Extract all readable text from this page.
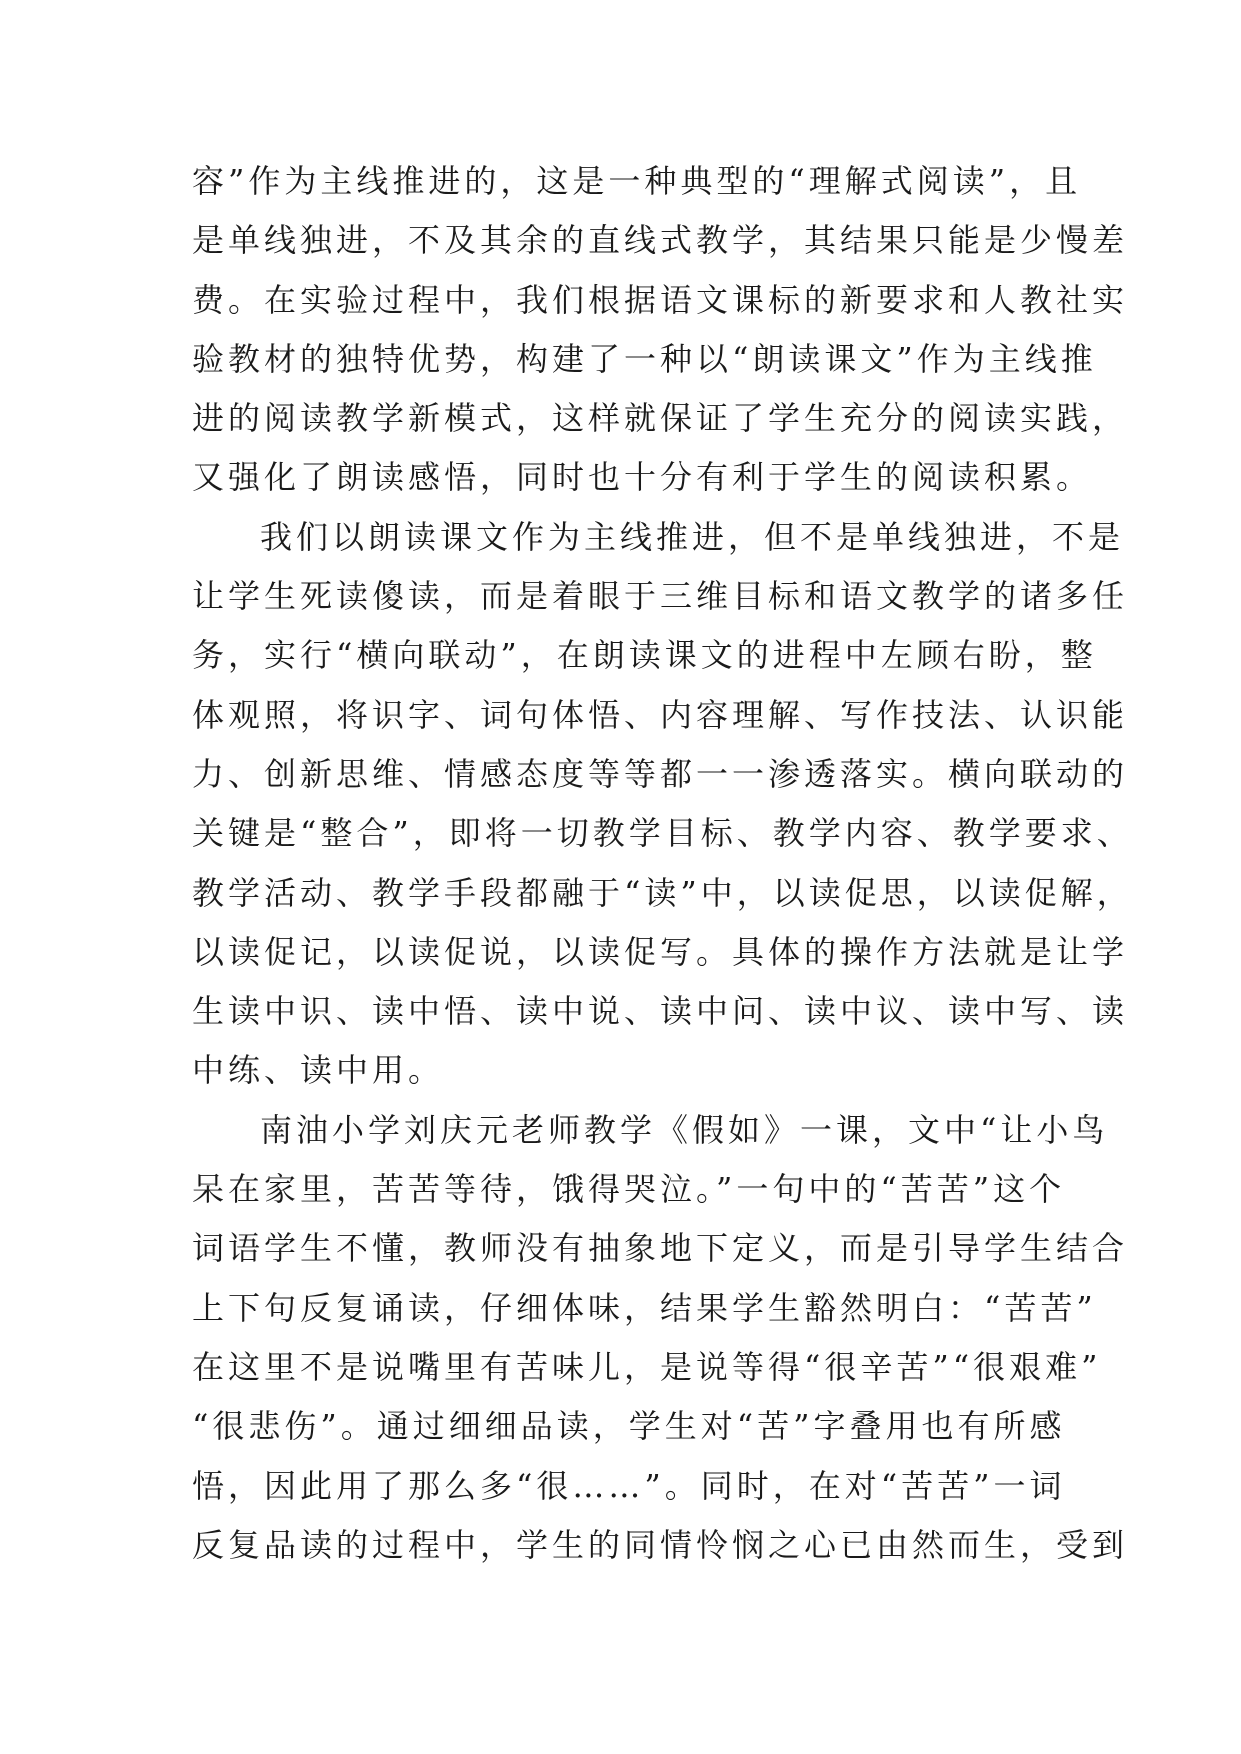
容”作为主线推进的，这是一种典型的“理解式阅读”，且
是单线独进，不及其余的直线式教学，其结果只能是少慢差
费。在实验过程中，我们根据语文课标的新要求和人教社实
验教材的独特优势，构建了一种以“朗读课文”作为主线推
进的阅读教学新模式，这样就保证了学生充分的阅读实践，
又强化了朗读感悟，同时也十分有利于学生的阅读积累。
我们以朗读课文作为主线推进，但不是单线独进，不是
让学生死读傻读，而是着眼于三维目标和语文教学的诸多任
务，实行“横向联动”，在朗读课文的进程中左顾右盼，整
体观照，将识字、词句体悟、内容理解、写作技法、认识能
力、创新思维、情感态度等等都一一渗透落实。横向联动的
关键是“整合”，即将一切教学目标、教学内容、教学要求、
教学活动、教学手段都融于“读”中，以读促思，以读促解，
以读促记，以读促说，以读促写。具体的操作方法就是让学
生读中识、读中悟、读中说、读中问、读中议、读中写、读
中练、读中用。
南油小学刘庆元老师教学《假如》一课，文中“让小鸟
呆在家里，苦苦等待，饿得哭泣。”一句中的“苦苦”这个
词语学生不懂，教师没有抽象地下定义，而是引导学生结合
上下句反复诵读，仔细体味，结果学生豁然明白：“苦苦”
在这里不是说嘴里有苦味儿，是说等得“很辛苦”“很艰难”
“很悲伤”。通过细细品读，学生对“苦”字叠用也有所感
悟，因此用了那么多“很……”。同时，在对“苦苦”一词
反复品读的过程中，学生的同情怜悯之心已由然而生，受到
